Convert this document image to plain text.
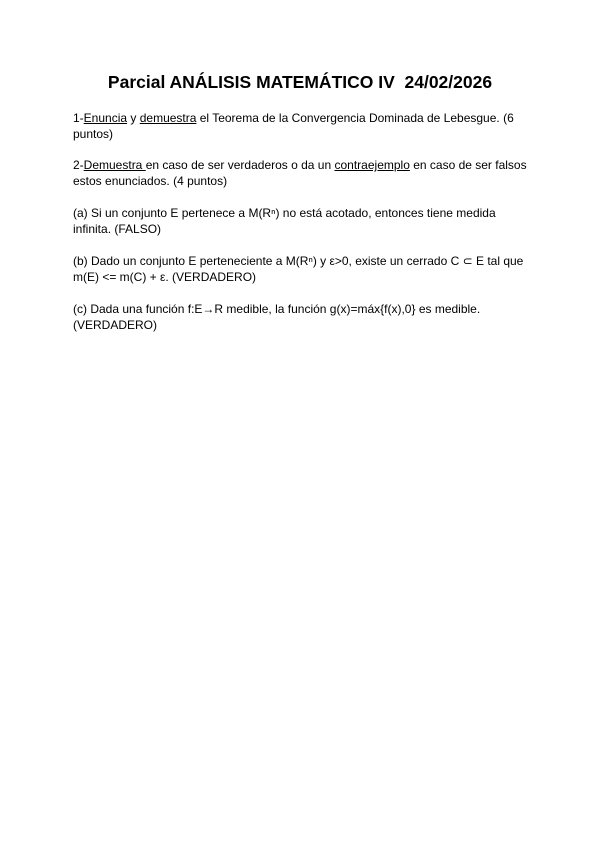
Parcial ANÁLISIS MATEMÁTICO IV  24/02/2026

1-Enuncia y demuestra el Teorema de la Convergencia Dominada de Lebesgue. (6 puntos)

2-Demuestra en caso de ser verdaderos o da un contraejemplo en caso de ser falsos estos enunciados. (4 puntos)

(a) Si un conjunto E pertenece a M(Rⁿ) no está acotado, entonces tiene medida infinita. (FALSO)

(b) Dado un conjunto E perteneciente a M(Rⁿ) y ε>0, existe un cerrado C ⊂ E tal que m(E) <= m(C) + ε. (VERDADERO)

(c) Dada una función f:E→R medible, la función g(x)=máx{f(x),0} es medible. (VERDADERO)
